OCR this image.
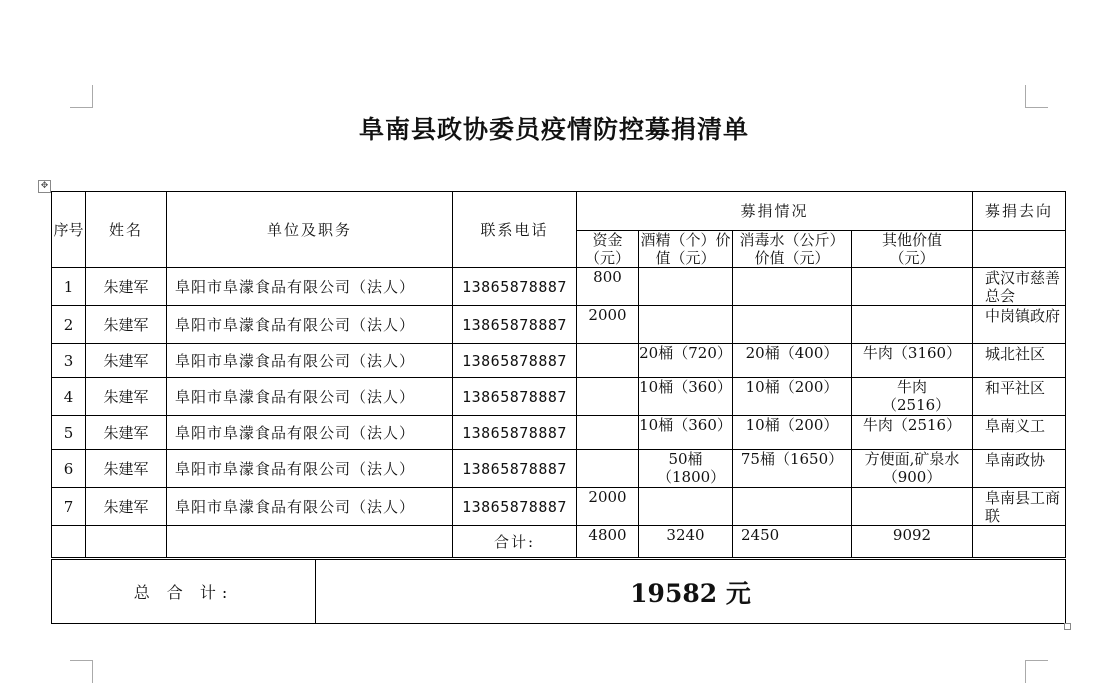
阜南县政协委员疫情防控募捐清单
✥
序号	姓名	单位及职务	联系电话	募捐情况				募捐去向
				资金（元）	酒精（个）价值（元）	消毒水（公斤）价值（元）	其他价值（元）	
1	朱建军	阜阳市阜濛食品有限公司（法人）	13865878887	800				武汉市慈善总会
2	朱建军	阜阳市阜濛食品有限公司（法人）	13865878887	2000				中岗镇政府
3	朱建军	阜阳市阜濛食品有限公司（法人）	13865878887		20桶（720）	20桶（400）	牛肉（3160）	城北社区
4	朱建军	阜阳市阜濛食品有限公司（法人）	13865878887		10桶（360）	10桶（200）	牛肉（2516）	和平社区
5	朱建军	阜阳市阜濛食品有限公司（法人）	13865878887		10桶（360）	10桶（200）	牛肉（2516）	阜南义工
6	朱建军	阜阳市阜濛食品有限公司（法人）	13865878887		50桶（1800）	75桶（1650）	方便面,矿泉水（900）	阜南政协
7	朱建军	阜阳市阜濛食品有限公司（法人）	13865878887	2000				阜南县工商联
			合计:	4800	3240	2450	9092	
总 合 计:	19582 元
